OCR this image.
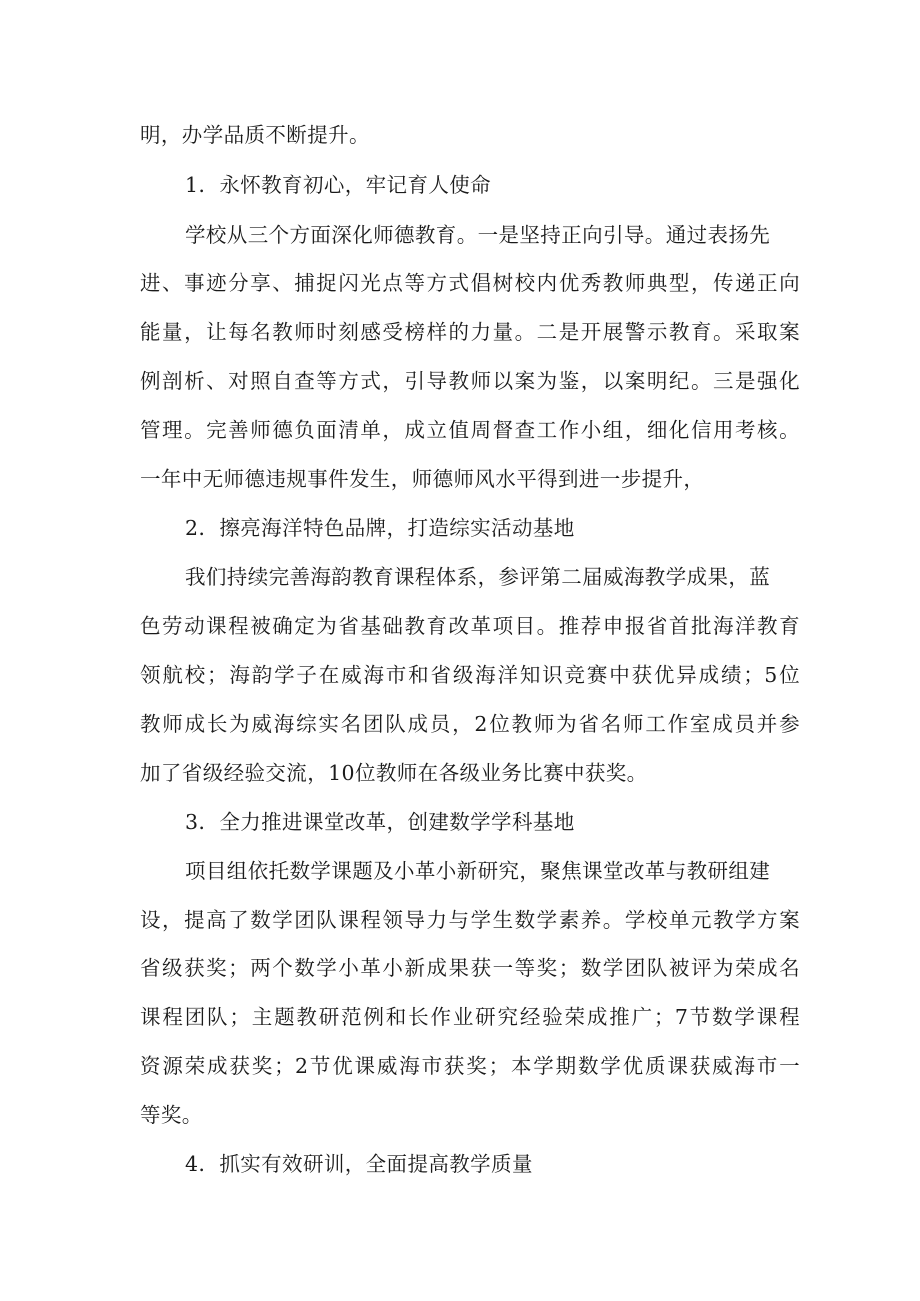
明，办学品质不断提升。
1．永怀教育初心，牢记育人使命
学校从三个方面深化师德教育。一是坚持正向引导。通过表扬先
进、事迹分享、捕捉闪光点等方式倡树校内优秀教师典型，传递正向
能量，让每名教师时刻感受榜样的力量。二是开展警示教育。采取案
例剖析、对照自查等方式，引导教师以案为鉴，以案明纪。三是强化
管理。完善师德负面清单，成立值周督查工作小组，细化信用考核。
一年中无师德违规事件发生，师德师风水平得到进一步提升，
2．擦亮海洋特色品牌，打造综实活动基地
我们持续完善海韵教育课程体系，参评第二届威海教学成果，蓝
色劳动课程被确定为省基础教育改革项目。推荐申报省首批海洋教育
领航校；海韵学子在威海市和省级海洋知识竞赛中获优异成绩；5位
教师成长为威海综实名团队成员，2位教师为省名师工作室成员并参
加了省级经验交流，10位教师在各级业务比赛中获奖。
3．全力推进课堂改革，创建数学学科基地
项目组依托数学课题及小革小新研究，聚焦课堂改革与教研组建
设，提高了数学团队课程领导力与学生数学素养。学校单元教学方案
省级获奖；两个数学小革小新成果获一等奖；数学团队被评为荣成名
课程团队；主题教研范例和长作业研究经验荣成推广；7节数学课程
资源荣成获奖；2节优课威海市获奖；本学期数学优质课获威海市一
等奖。
4．抓实有效研训，全面提高教学质量
